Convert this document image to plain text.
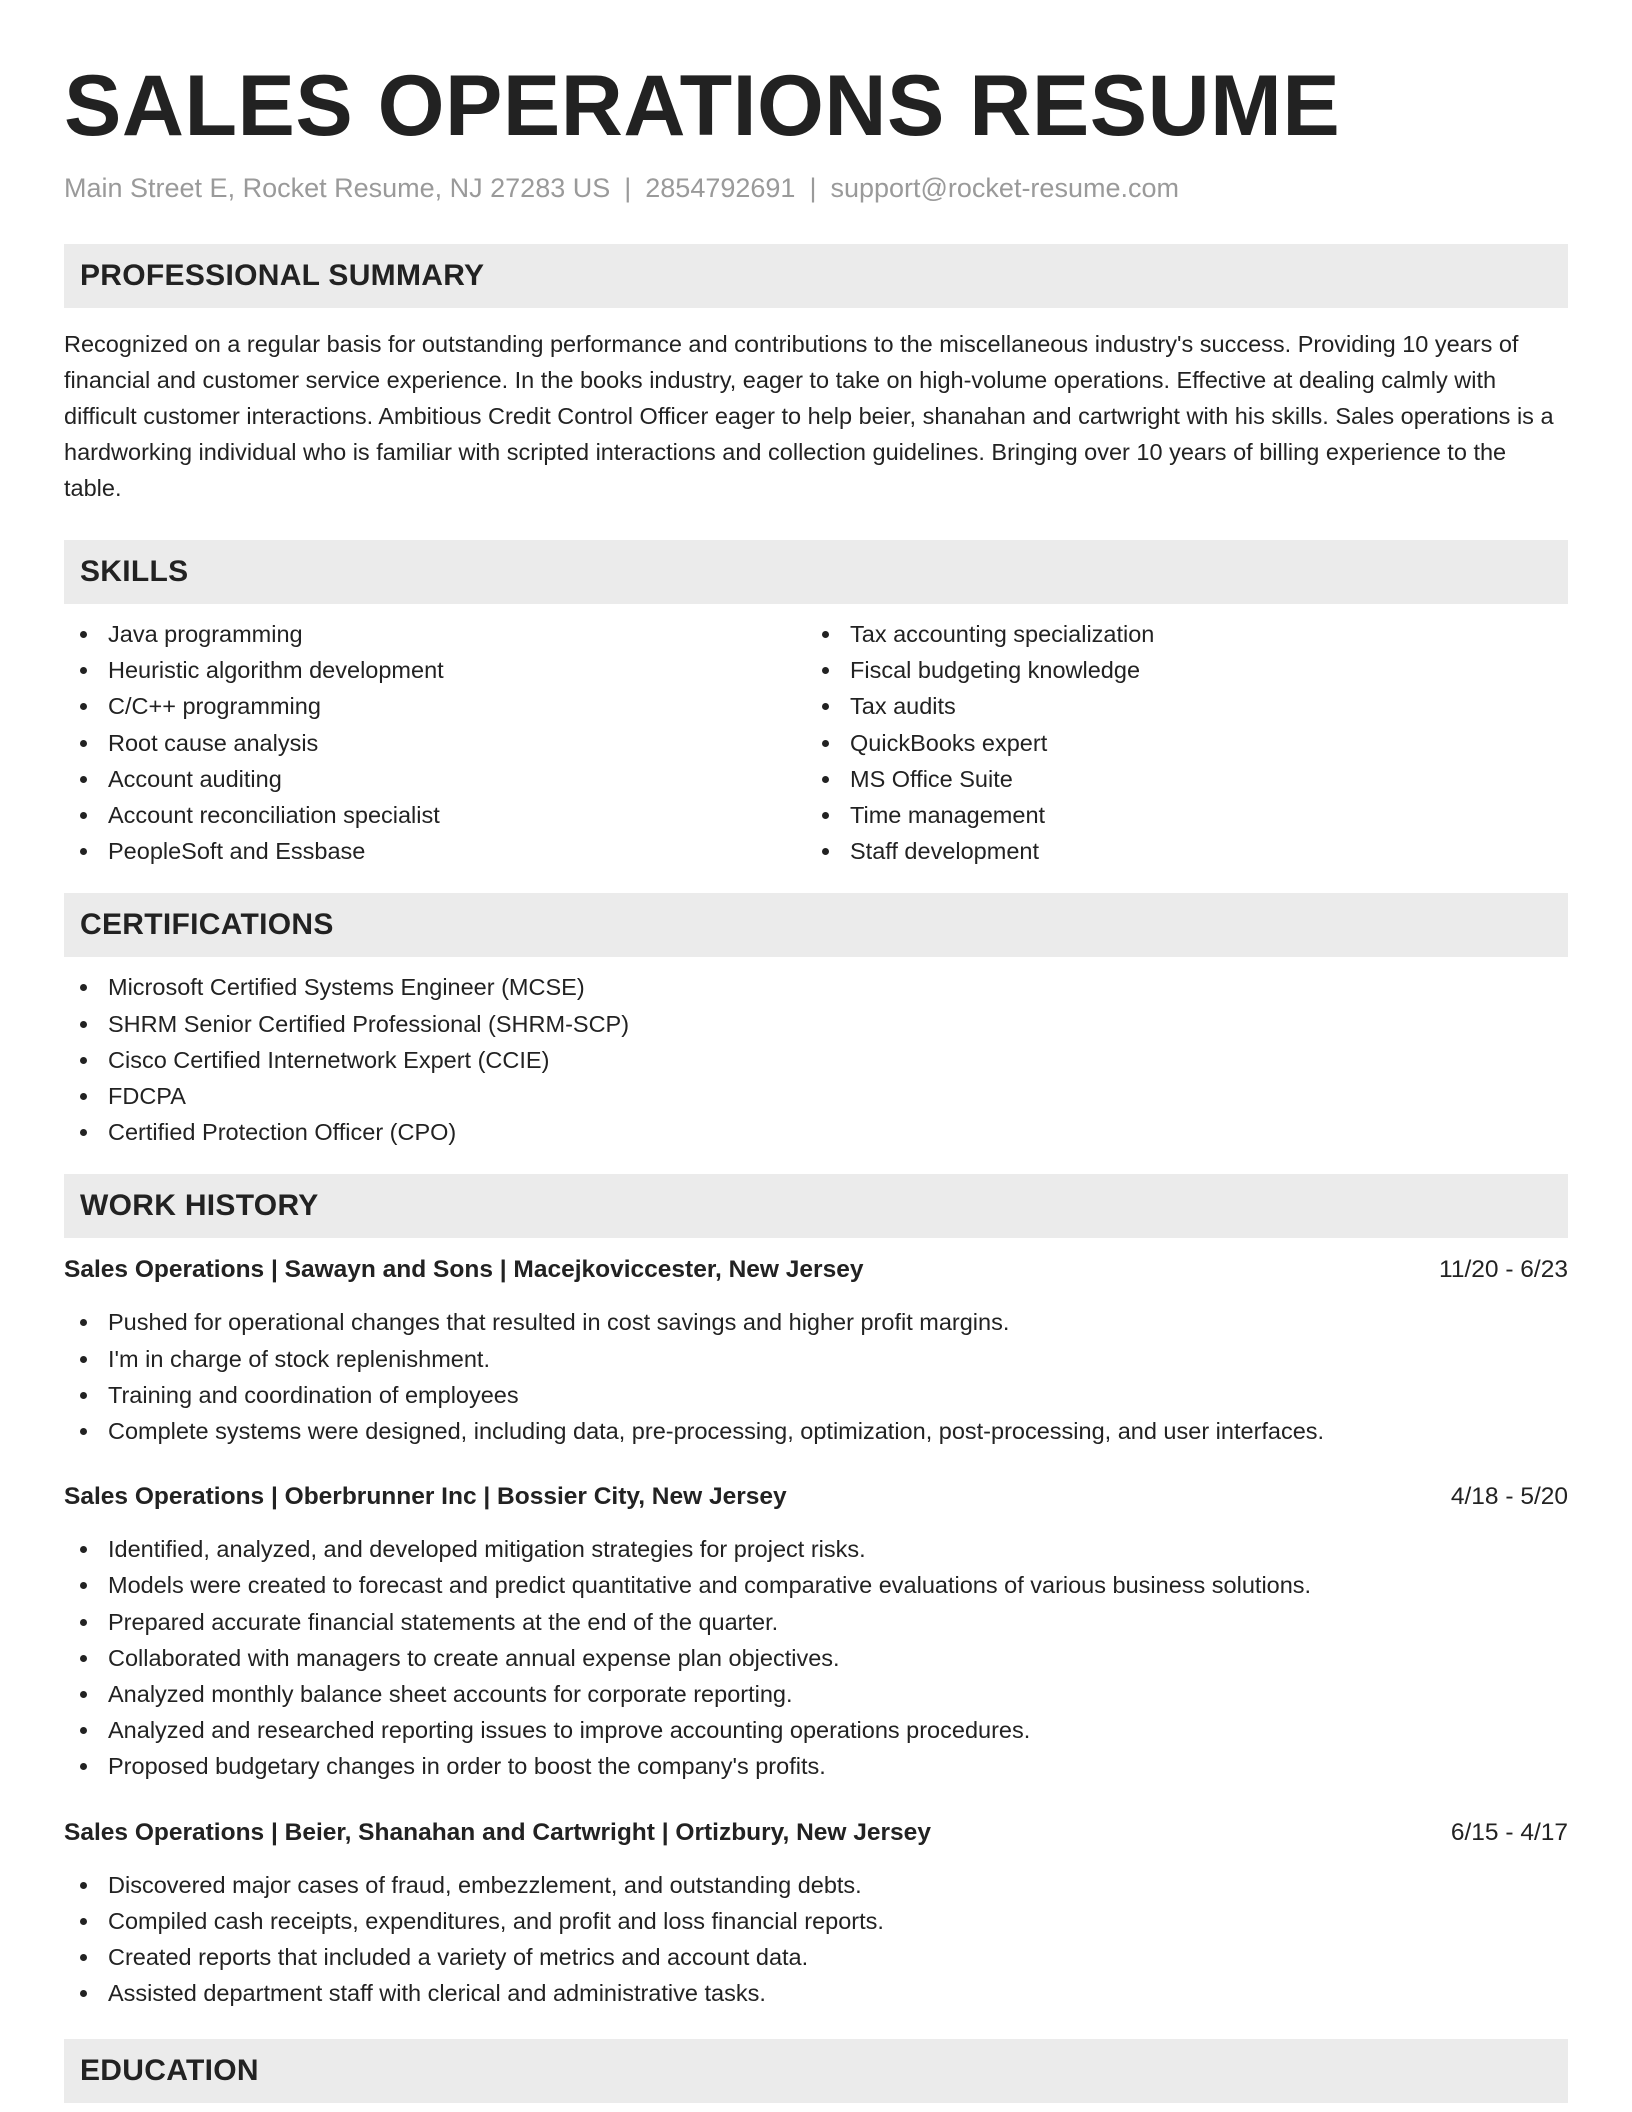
SALES OPERATIONS RESUME
Main Street E, Rocket Resume, NJ 27283 US | 2854792691 | support@rocket-resume.com
PROFESSIONAL SUMMARY

Recognized on a regular basis for outstanding performance and contributions to the miscellaneous industry's success. Providing 10 years of financial and customer service experience. In the books industry, eager to take on high-volume operations. Effective at dealing calmly with difficult customer interactions. Ambitious Credit Control Officer eager to help beier, shanahan and cartwright with his skills. Sales operations is a hardworking individual who is familiar with scripted interactions and collection guidelines. Bringing over 10 years of billing experience to the table.

SKILLS
Java programming
Heuristic algorithm development
C/C++ programming
Root cause analysis
Account auditing
Account reconciliation specialist
PeopleSoft and Essbase
Tax accounting specialization
Fiscal budgeting knowledge
Tax audits
QuickBooks expert
MS Office Suite
Time management
Staff development
CERTIFICATIONS
Microsoft Certified Systems Engineer (MCSE)
SHRM Senior Certified Professional (SHRM-SCP)
Cisco Certified Internetwork Expert (CCIE)
FDCPA
Certified Protection Officer (CPO)
WORK HISTORY
Sales Operations | Sawayn and Sons | Macejkoviccester, New Jersey	11/20 - 6/23
Pushed for operational changes that resulted in cost savings and higher profit margins.
I'm in charge of stock replenishment.
Training and coordination of employees
Complete systems were designed, including data, pre-processing, optimization, post-processing, and user interfaces.
Sales Operations | Oberbrunner Inc | Bossier City, New Jersey	4/18 - 5/20
Identified, analyzed, and developed mitigation strategies for project risks.
Models were created to forecast and predict quantitative and comparative evaluations of various business solutions.
Prepared accurate financial statements at the end of the quarter.
Collaborated with managers to create annual expense plan objectives.
Analyzed monthly balance sheet accounts for corporate reporting.
Analyzed and researched reporting issues to improve accounting operations procedures.
Proposed budgetary changes in order to boost the company's profits.
Sales Operations | Beier, Shanahan and Cartwright | Ortizbury, New Jersey	6/15 - 4/17
Discovered major cases of fraud, embezzlement, and outstanding debts.
Compiled cash receipts, expenditures, and profit and loss financial reports.
Created reports that included a variety of metrics and account data.
Assisted department staff with clerical and administrative tasks.
EDUCATION
